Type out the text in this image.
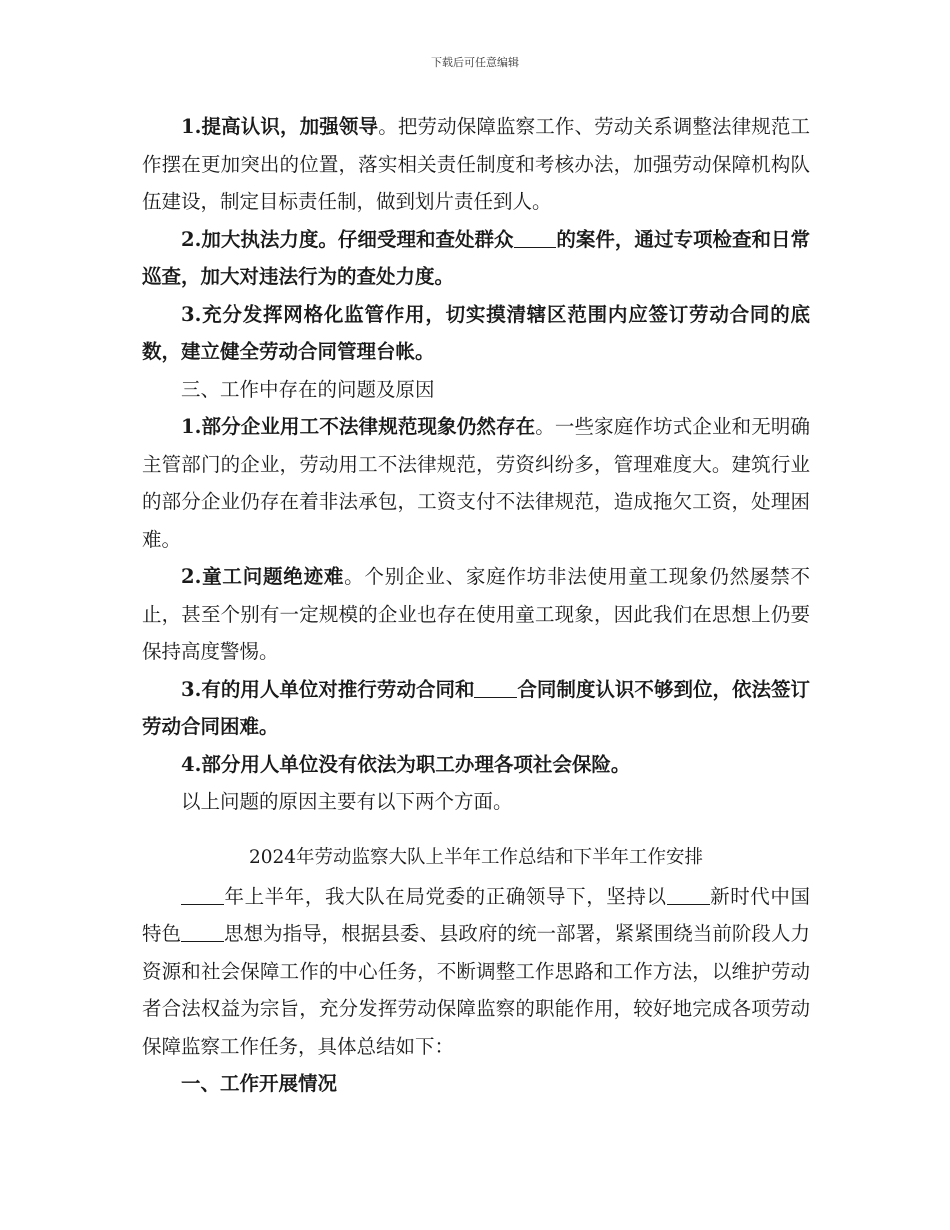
下载后可任意编辑

1.提高认识，加强领导。把劳动保障监察工作、劳动关系调整法律规范工作摆在更加突出的位置，落实相关责任制度和考核办法，加强劳动保障机构队伍建设，制定目标责任制，做到划片责任到人。

2.加大执法力度。仔细受理和查处群众 的案件，通过专项检查和日常巡查，加大对违法行为的查处力度。

3.充分发挥网格化监管作用，切实摸清辖区范围内应签订劳动合同的底数，建立健全劳动合同管理台帐。

三、工作中存在的问题及原因

1.部分企业用工不法律规范现象仍然存在。一些家庭作坊式企业和无明确主管部门的企业，劳动用工不法律规范，劳资纠纷多，管理难度大。建筑行业的部分企业仍存在着非法承包，工资支付不法律规范，造成拖欠工资，处理困难。

2.童工问题绝迹难。个别企业、家庭作坊非法使用童工现象仍然屡禁不止，甚至个别有一定规模的企业也存在使用童工现象，因此我们在思想上仍要保持高度警惕。

3.有的用人单位对推行劳动合同和 合同制度认识不够到位，依法签订劳动合同困难。

4.部分用人单位没有依法为职工办理各项社会保险。

以上问题的原因主要有以下两个方面。

2024年劳动监察大队上半年工作总结和下半年工作安排

年上半年，我大队在局党委的正确领导下，坚持以 新时代中国特色 思想为指导，根据县委、县政府的统一部署，紧紧围绕当前阶段人力资源和社会保障工作的中心任务，不断调整工作思路和工作方法，以维护劳动者合法权益为宗旨，充分发挥劳动保障监察的职能作用，较好地完成各项劳动保障监察工作任务，具体总结如下：

一、工作开展情况
